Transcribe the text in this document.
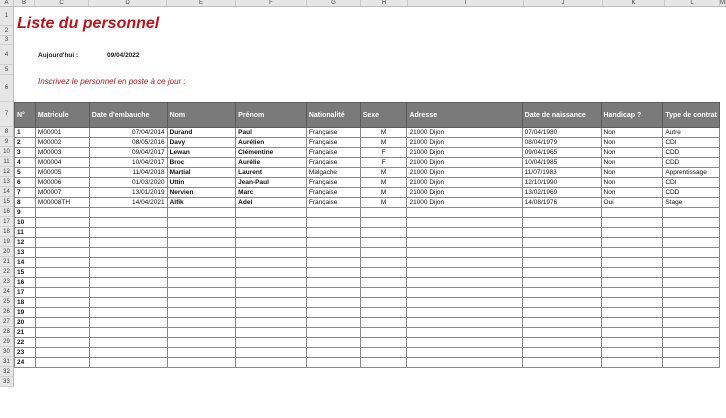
A	B	C	D	E	F	G	H	I	J	K	L	M
1
2
3
4
5
6
7
8
9
10
11
12
13
14
15
16
17
18
19
20
21
22
23
24
25
26
27
28
29
30
31
32
33
Liste du personnel
Aujourd'hui :	09/04/2022
Inscrivez le personnel en poste à ce jour :
N°	Matricule	Date d'embauche	Nom	Prénom	Nationalité	Sexe	Adresse	Date de naissance	Handicap ?	Type de contrat
1	M00001	07/04/2014	Durand	Paul	Française	M	21000 Dijon	07/04/1980	Non	Autre
2	M00002	08/05/2016	Davy	Aurélien	Française	M	21000 Dijon	08/04/1979	Non	CDI
3	M00003	09/04/2017	Lewan	Clémentine	Française	F	21000 Dijon	09/04/1965	Non	CDD
4	M00004	10/04/2017	Broc	Aurélie	Française	F	21000 Dijon	10/04/1985	Non	CDD
5	M00005	11/04/2018	Martial	Laurent	Malgache	M	21000 Dijon	11/07/1983	Non	Apprentissage
6	M00006	01/03/2020	Uttin	Jean-Paul	Française	M	21000 Dijon	12/10/1990	Non	CDI
7	M00007	13/01/2019	Nervien	Marc	Française	M	21000 Dijon	13/02/1969	Non	CDD
8	M00008TH	14/04/2021	Alfik	Adel	Française	M	21000 Dijon	14/08/1976	Oui	Stage
9										
10										
11										
12										
13										
14										
15										
16										
17										
18										
19										
20										
21										
22										
23										
24										
